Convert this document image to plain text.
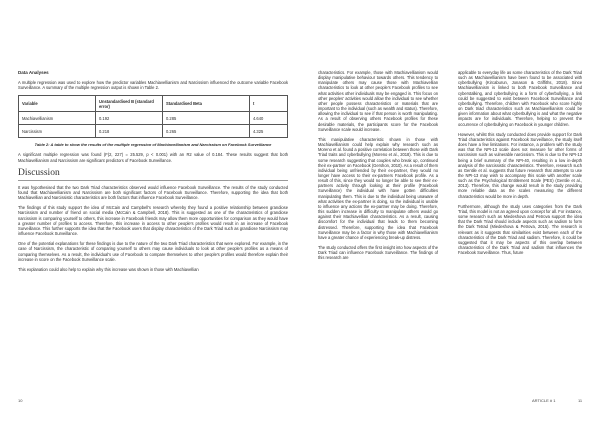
Data Analyses

A multiple regression was used to explore how the predictor variables Machiavellianism and Narcissism influenced the outcome variable Facebook Surveillance. A summary of the multiple regression output is shown in Table 2.

Variable	Unstandardised B (standard error)	Standardised Beta	t
Machiavellianism	0.192	0.285	4.640
Narcissism	0.218	0.265	4.325
Table 2: A table to show the results of the multiple regression of Machiavellianism and Narcissism on Facebook Surveillance

A significant multiple regression was found (F(2, 227) = 25.529, p < 0.001) with an R2 value of 0.184. These results suggest that both Machiavellianism and Narcissism are significant predictors of Facebook Surveillance.

Discussion

It was hypothesised that the two Dark Triad characteristics observed would influence Facebook Surveillance. The results of the study conducted found that Machiavellianism and Narcissism are both significant factors of Facebook Surveillance. Therefore, supporting the idea that both Machiavellian and Narcissistic characteristics are both factors that influence Facebook Surveillance.

The findings of this study support the idea of McCain and Campbell's research whereby they found a positive relationship between grandiose Narcissism and number of friend on social media (McCain & Campbell, 2018). This is suggested as one of the characteristics of grandiose narcissism is comparing yourself to others, this increase in Facebook friends may allow them more opportunities for comparison as they would have a greater number of profiles to access. Therefore, this increase in access to other people's profiles would result in an increase of Facebook Surveillance. This further supports the idea that the Facebook users that display characteristics of the Dark Triad such as grandiose Narcissism may influence Facebook Surveillance.

One of the potential explanations for these findings is due to the nature of the two Dark Triad characteristics that were explored. For example, in the case of Narcissism, the characteristic of comparing yourself to others may cause individuals to look at other people's profiles as a means of comparing themselves. As a result, the individual's use of Facebook to compare themselves to other people's profiles would therefore explain their increase in score on the Facebook Surveillance scale.

This explanation could also help to explain why this increase was shown in those with Machiavellian

characteristics. For example, those with Machiavellianism would display manipulative behaviour towards others. This tendency to manipulate others may cause those with Machiavellian characteristics to look at other people's Facebook profiles to see what activities other individuals may be engaged in. This focus on other peoples' activities would allow the individual to see whether other people possess characteristics or materials that are important to the individual (such as wealth and status). Therefore, allowing the individual to see if that person is worth manipulating. As a result of observing others Facebook profiles for these desirable materials, the participants score for the Facebook Surveillance scale would increase.

This manipulative characteristic shown in those with Machiavellianism could help explain why research such as Moreno et al. found a positive correlation between those with Dark Triad traits and cyberbullying (Moreno et al., 2018). This is due to some research suggesting that couples who break up, continued their ex-partner on Facebook (Gershon, 2010). As a result of them individual being unfriended by their ex-partner, they would no longer have access to their ex-partners Facebook profile. As a result of this, since they would no longer be able to see their ex-partners activity through looking at their profile (Facebook Surveillance) the individual with have gotten difficulties manipulating them. This is due to the individual being unaware of what activities the ex-partner is doing, so the individual is unable to influence any actions the ex-partner may be doing. Therefore, this sudden increase in difficulty to manipulate others would go against their Machiavellian characteristics. As a result, causing discomfort for the individual that leads to them becoming distressed. Therefore, supporting the idea that Facebook Surveillance may be a factor in why those with Machiavellianism have a greater chance of experiencing break-up distress.

The study conducted offers the first insight into how aspects of the Dark Triad can influence Facebook Surveillance. The findings of this research are

applicable to everyday life as some characteristics of the Dark Triad such as Machiavellianism have been found to be associated with cyberbullying (Kircaburun, Jonason & Griffiths, 2018). Since Machiavellianism is linked to both Facebook Surveillance and cyberstalking, and cyberbullying is a form of cyberbullying, a link could be suggested to exist between Facebook Surveillance and cyberbullying. Therefore, children with Facebook who score highly on Dark triad characteristics such as Machiavellianism could be given information about what cyberbullying is and what the negative impacts are for individuals. Therefore, helping to prevent the occurrence of cyberbullying on Facebook in younger children.

However, whilst this study conducted does provide support for Dark Triad characteristics against Facebook Surveillance, the study itself does have a few limitations. For instance, a problem with the study was that the NPI-13 scale does not measure for other forms of narcissism such as vulnerable narcissism. This is due to the NPI-13 being a brief summary of the NPI-40, resulting in a low in-depth analysis of the narcissistic characteristics. Therefore, research such as Gentile et al. suggests that future research that attempts to use the NPI-13 may wish to accompany this scale with another scale such as the Psychological Entitlement Scale (PES) (Gentile et al., 2013). Therefore, this change would result in the study providing more reliable data as the scales measuring the different characteristics would be more in depth.

Furthermore, although the study uses categories from the Dark Triad, this model is not an agreed upon concept for all. For instance, some research such as Miedeshova and Petrova support the idea that the Dark Triad should include aspects such as sadism to form the Dark Tetrad (Miedeshova & Petrova, 2015). The research is relevant as it suggests that similarities exist between each of the characteristics of the Dark Triad and sadism. Therefore, it could be suggested that it may be aspects of this overlap between characteristics of the Dark Triad and sadism that influences the Facebook Surveillance. Thus, future

10	ARTICLE # 1	11
